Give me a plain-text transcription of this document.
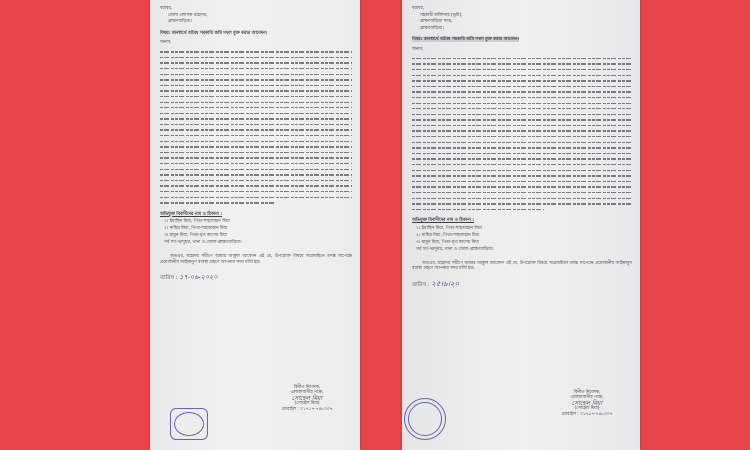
বরাবর,
জেলা প্রশাসক মহোদয়,
ব্রাহ্মণবাড়িয়া।
বিষয়: জনস্বার্থে অবৈধ সরকারি জমি দখল মুক্ত করার আবেদন।
জনাব,
অভিযুক্ত বিবাদীদের নাম ও ঠিকানা :
১। ইয়াছিন মিয়া, পিতা-শাহজাহান মিয়া
২। নাছির মিয়া, পিতা-শাহজাহান মিয়া
৩। মামুন মিয়া, পিতা-মৃত কাসেম মিয়া
সর্ব সাং-ভাদুঘর, থানা ও জেলা-ব্রাহ্মণবাড়িয়া।
অতএব, মহোদয় সমীপে আমার আকুল আবেদন এই যে, উপরোক্ত বিষয়ে সরেজমিনে তদন্ত সাপেক্ষে প্রয়োজনীয় আইনানুগ ব্যবস্থা গ্রহণে আপনার সদয় মর্জি হয়।
তারিখ : ১৭-০৬-২০২০
বিনীত নিবেদক,
এলাকাবাসীর পক্ষে,
সোহেল মিয়া
(সোহেল মিয়া)
মোবাইল : ০১৭১৭-৭৪৮০০৭
বরাবর,
সহকারী কমিশনার (ভূমি),
ব্রাহ্মণবাড়িয়া সদর,
ব্রাহ্মণবাড়িয়া।
বিষয়: জনস্বার্থে অবৈধ সরকারি জমি দখল মুক্ত করার আবেদন।
জনাব,
অভিযুক্ত বিবাদীদের নাম ও ঠিকানা :
১। ইয়াছিন মিয়া, পিতা-শাহজাহান মিয়া
২। নাছির মিয়া, পিতা-শাহজাহান মিয়া
৩। মামুন মিয়া, পিতা-মৃত কাসেম মিয়া
সর্ব সাং-ভাদুঘর, থানা ও জেলা-ব্রাহ্মণবাড়িয়া।
অতএব, মহোদয় সমীপে আমার আকুল আবেদন এই যে, উপরোক্ত বিষয়ে সরেজমিনে তদন্ত সাপেক্ষে প্রয়োজনীয় আইনানুগ ব্যবস্থা গ্রহণে আপনার সদয় মর্জি হয়।
তারিখ : ২৫।৬।২০
বিনীত নিবেদক,
এলাকাবাসীর পক্ষে,
সোহেল মিয়া
(সোহেল মিয়া)
মোবাইল : ০১৭১৭-৭৪৮০০৭
